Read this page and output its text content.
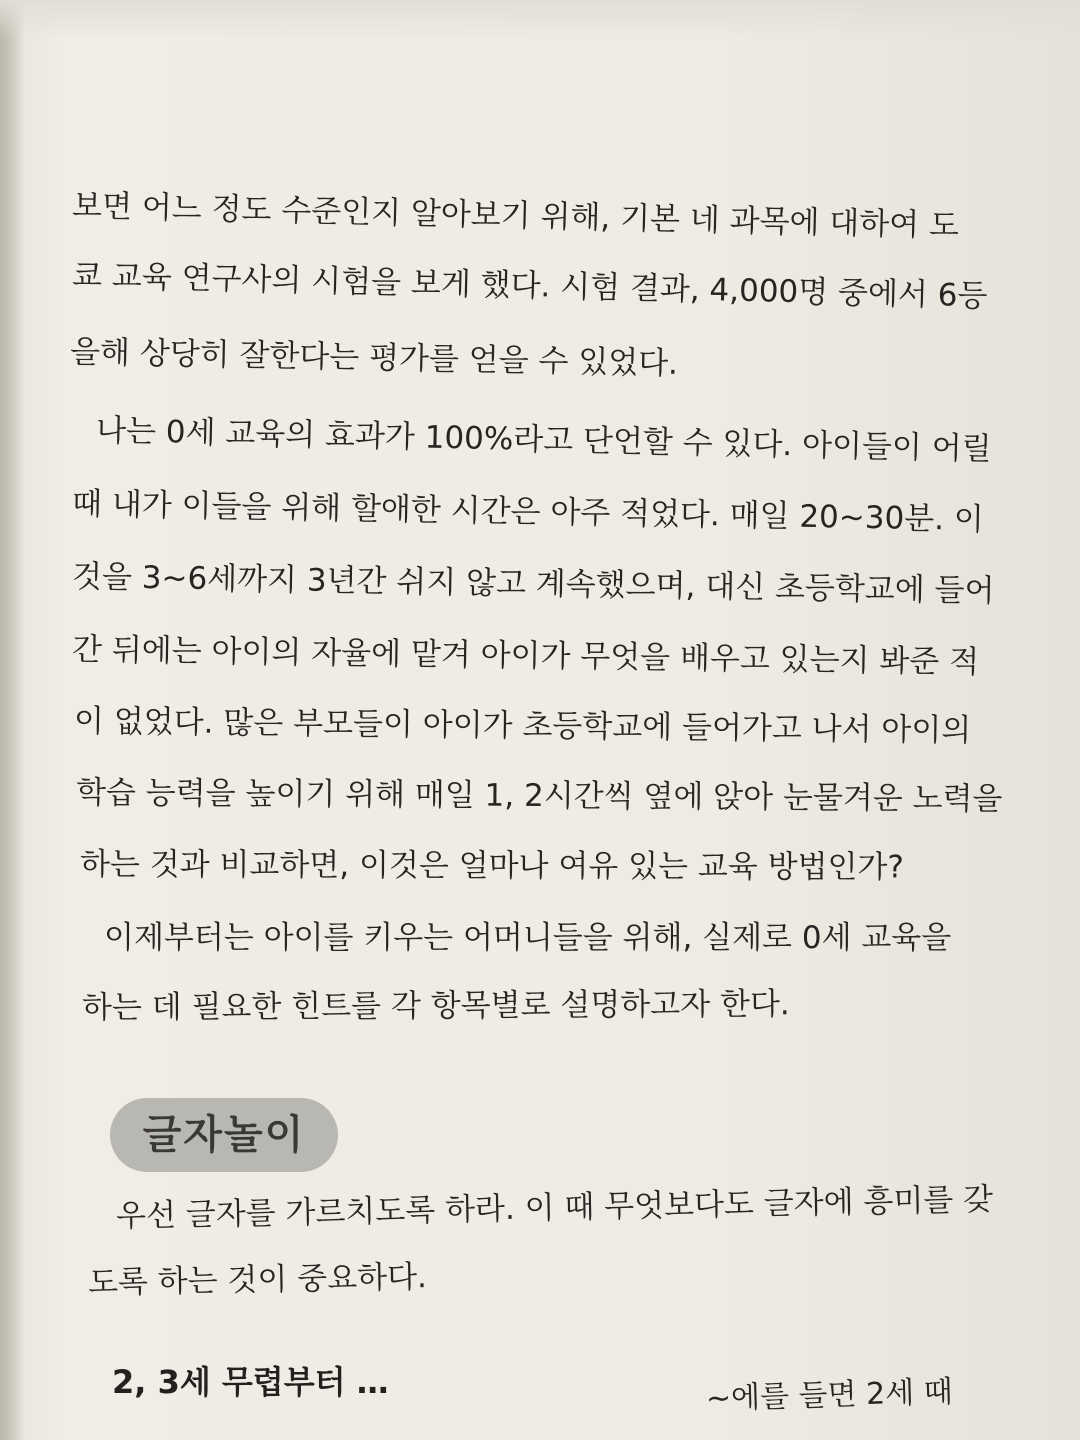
보면 어느 정도 수준인지 알아보기 위해, 기본 네 과목에 대하여 도
쿄 교육 연구사의 시험을 보게 했다. 시험 결과, 4,000명 중에서 6등
을해 상당히 잘한다는 평가를 얻을 수 있었다.
나는 0세 교육의 효과가 100%라고 단언할 수 있다. 아이들이 어릴
때 내가 이들을 위해 할애한 시간은 아주 적었다. 매일 20~30분. 이
것을 3~6세까지 3년간 쉬지 않고 계속했으며, 대신 초등학교에 들어
간 뒤에는 아이의 자율에 맡겨 아이가 무엇을 배우고 있는지 봐준 적
이 없었다. 많은 부모들이 아이가 초등학교에 들어가고 나서 아이의
학습 능력을 높이기 위해 매일 1, 2시간씩 옆에 앉아 눈물겨운 노력을
하는 것과 비교하면, 이것은 얼마나 여유 있는 교육 방법인가?
이제부터는 아이를 키우는 어머니들을 위해, 실제로 0세 교육을
하는 데 필요한 힌트를 각 항목별로 설명하고자 한다.
글자놀이
우선 글자를 가르치도록 하라. 이 때 무엇보다도 글자에 흥미를 갖
도록 하는 것이 중요하다.
2, 3세 무렵부터 …	~에를 들면 2세 때
